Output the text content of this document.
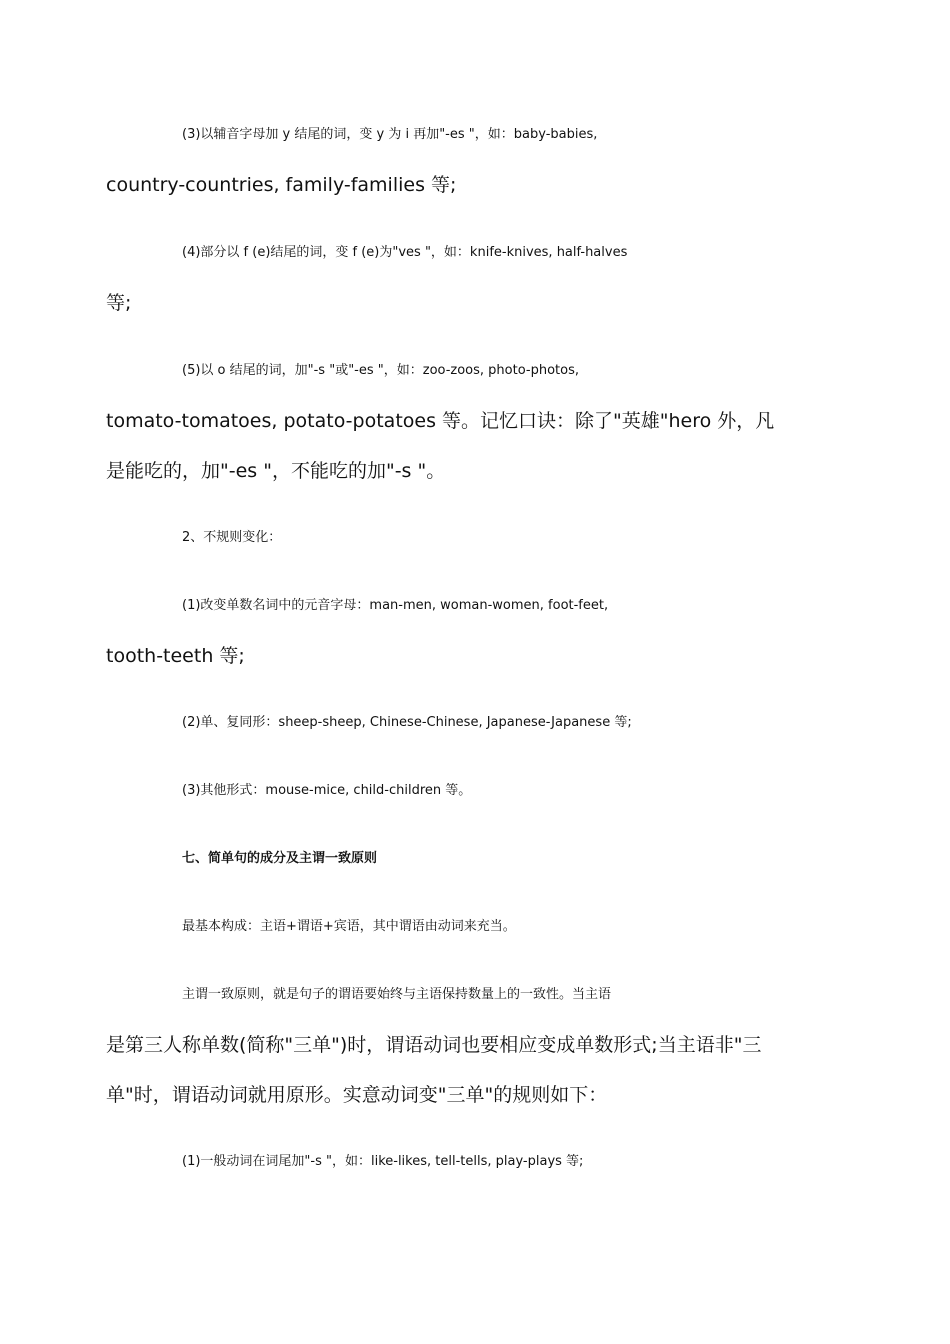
(3)以辅音字母加 y 结尾的词，变 y 为 i 再加"-es "，如：baby-babies,
country-countries, family-families 等;
(4)部分以 f (e)结尾的词，变 f (e)为"ves "，如：knife-knives, half-halves
等;
(5)以 o 结尾的词，加"-s "或"-es "，如：zoo-zoos, photo-photos,
tomato-tomatoes, potato-potatoes 等。记忆口诀：除了"英雄"hero 外，凡
是能吃的，加"-es "，不能吃的加"-s "。
2、不规则变化：
(1)改变单数名词中的元音字母：man-men, woman-women, foot-feet,
tooth-teeth 等;
(2)单、复同形：sheep-sheep, Chinese-Chinese, Japanese-Japanese 等;
(3)其他形式：mouse-mice, child-children 等。
七、简单句的成分及主谓一致原则
最基本构成：主语+谓语+宾语，其中谓语由动词来充当。
主谓一致原则，就是句子的谓语要始终与主语保持数量上的一致性。当主语
是第三人称单数(简称"三单")时，谓语动词也要相应变成单数形式;当主语非"三
单"时，谓语动词就用原形。实意动词变"三单"的规则如下：
(1)一般动词在词尾加"-s "，如：like-likes, tell-tells, play-plays 等;
